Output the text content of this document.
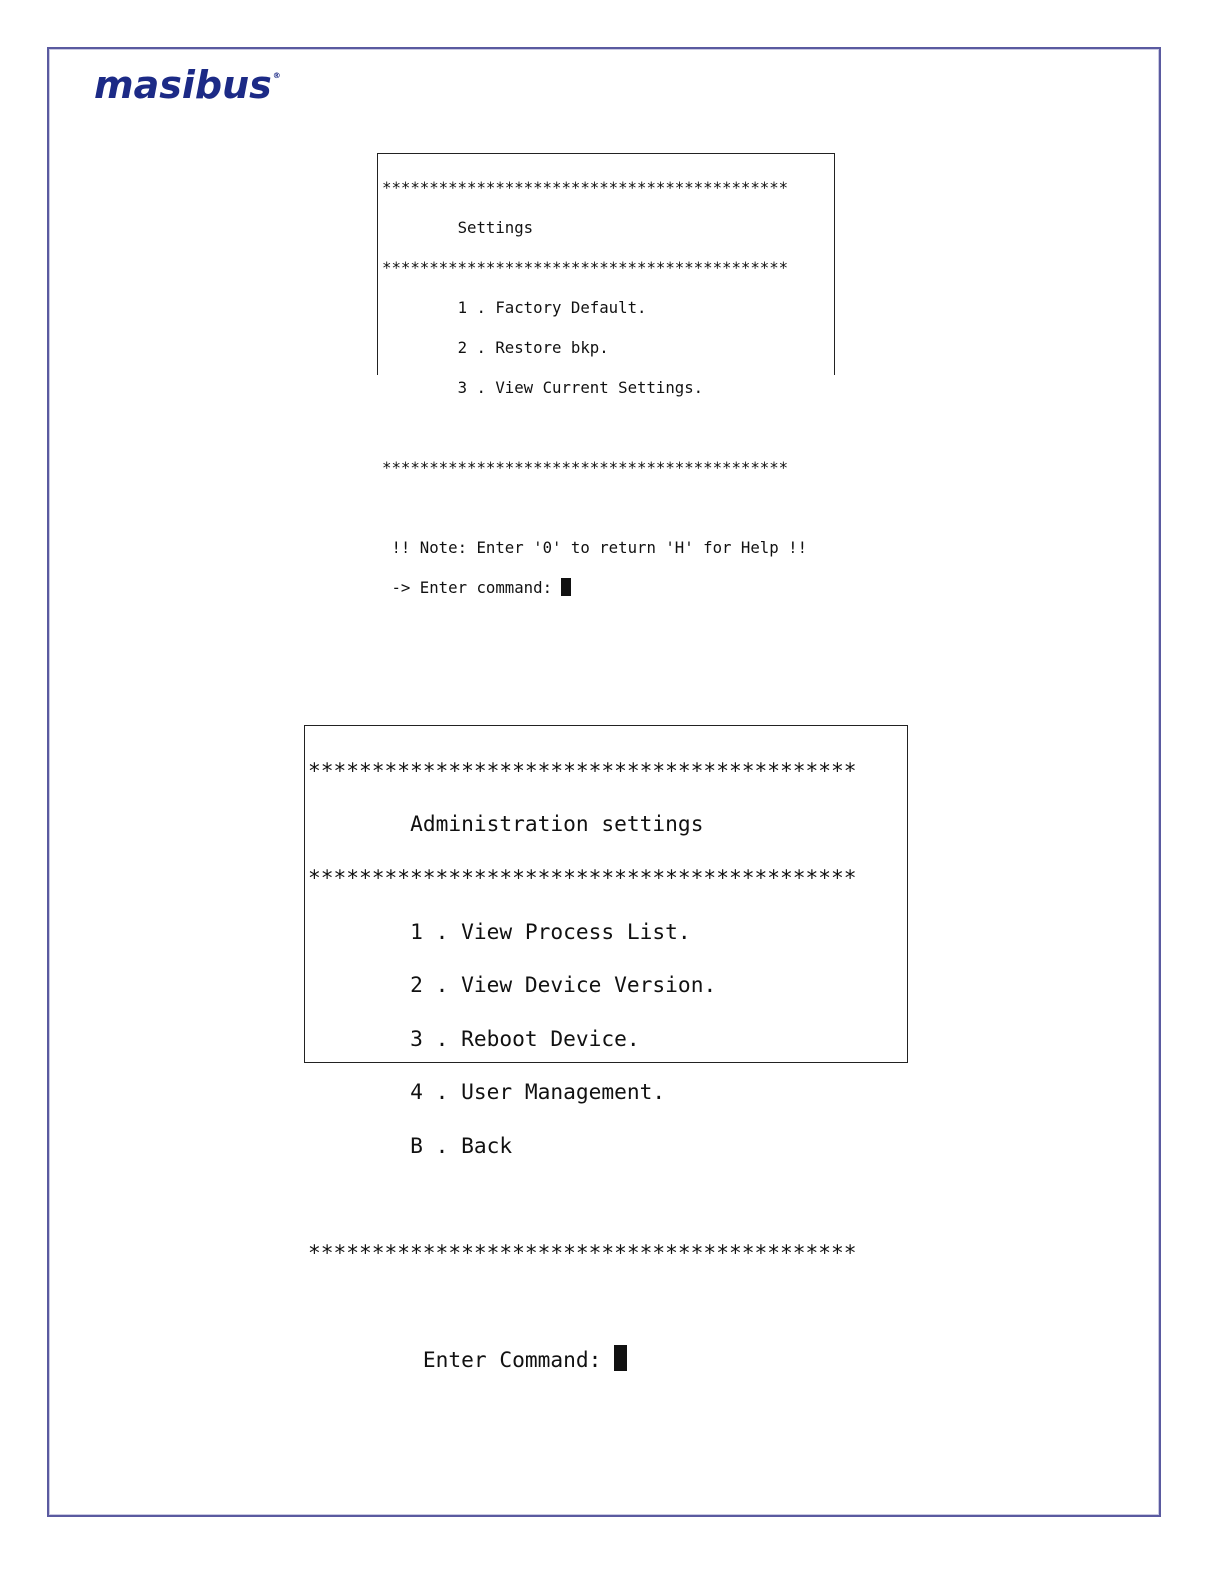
masibus®

*******************************************

Settings

*******************************************

1 . Factory Default.

2 . Restore bkp.

3 . View Current Settings.

*******************************************

!! Note: Enter '0' to return 'H' for Help !!

-> Enter command:

*******************************************

Administration settings

*******************************************

1 . View Process List.

2 . View Device Version.

3 . Reboot Device.

4 . User Management.

B . Back

*******************************************

Enter Command:
